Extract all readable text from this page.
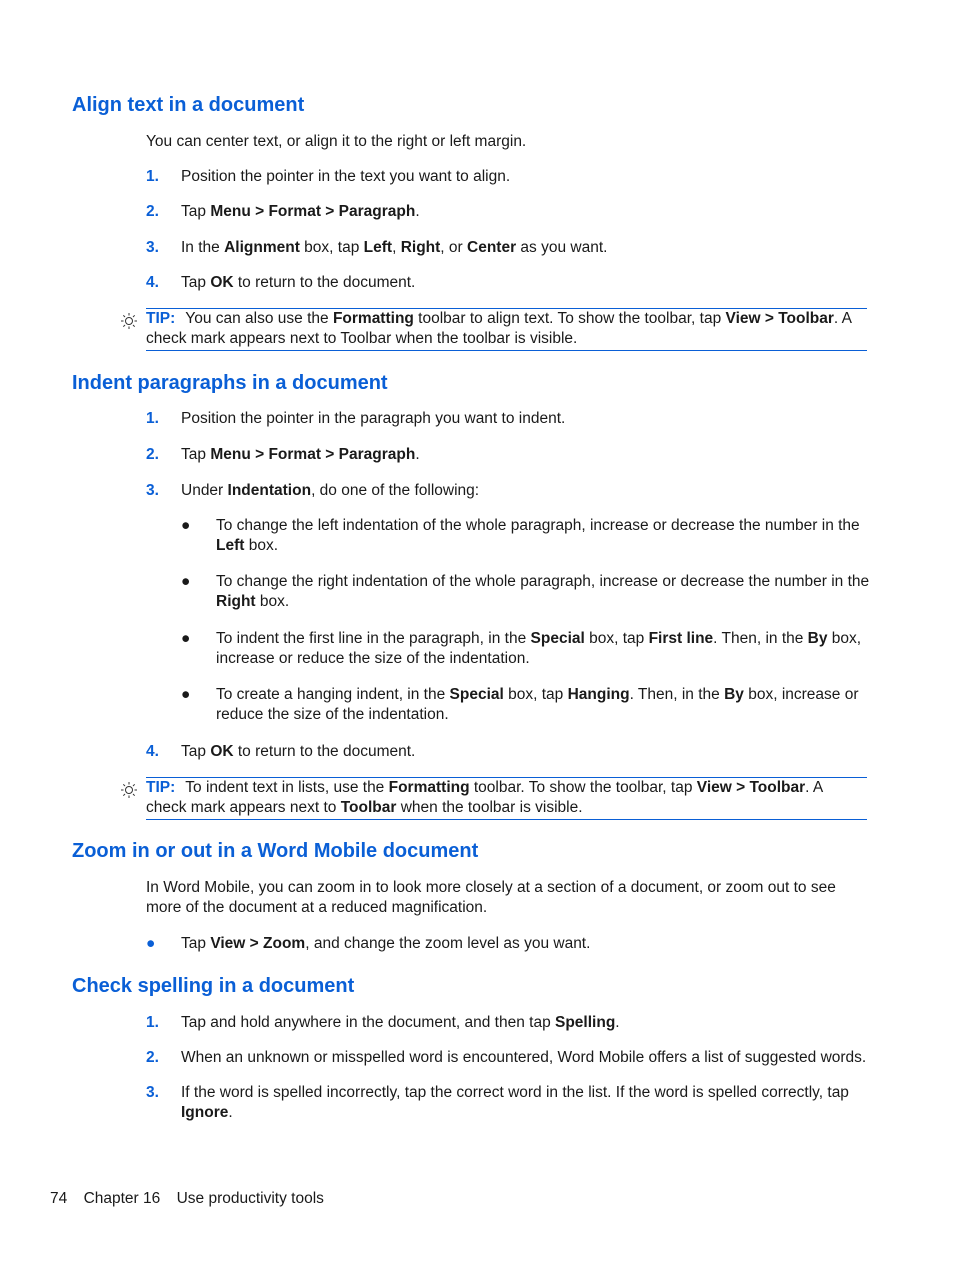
Align text in a document

You can center text, or align it to the right or left margin.

1. Position the pointer in the text you want to align.
2. Tap Menu > Format > Paragraph.
3. In the Alignment box, tap Left, Right, or Center as you want.
4. Tap OK to return to the document.
TIP: You can also use the Formatting toolbar to align text. To show the toolbar, tap View > Toolbar. A check mark appears next to Toolbar when the toolbar is visible.
Indent paragraphs in a document
1. Position the pointer in the paragraph you want to indent.
2. Tap Menu > Format > Paragraph.
3. Under Indentation, do one of the following:
● To change the left indentation of the whole paragraph, increase or decrease the number in the Left box.
● To change the right indentation of the whole paragraph, increase or decrease the number in the Right box.
● To indent the first line in the paragraph, in the Special box, tap First line. Then, in the By box, increase or reduce the size of the indentation.
● To create a hanging indent, in the Special box, tap Hanging. Then, in the By box, increase or reduce the size of the indentation.
4. Tap OK to return to the document.
TIP: To indent text in lists, use the Formatting toolbar. To show the toolbar, tap View > Toolbar. A check mark appears next to Toolbar when the toolbar is visible.
Zoom in or out in a Word Mobile document

In Word Mobile, you can zoom in to look more closely at a section of a document, or zoom out to see more of the document at a reduced magnification.

● Tap View > Zoom, and change the zoom level as you want.
Check spelling in a document
1. Tap and hold anywhere in the document, and then tap Spelling.
2. When an unknown or misspelled word is encountered, Word Mobile offers a list of suggested words.
3. If the word is spelled incorrectly, tap the correct word in the list. If the word is spelled correctly, tap Ignore.
74 Chapter 16 Use productivity tools
